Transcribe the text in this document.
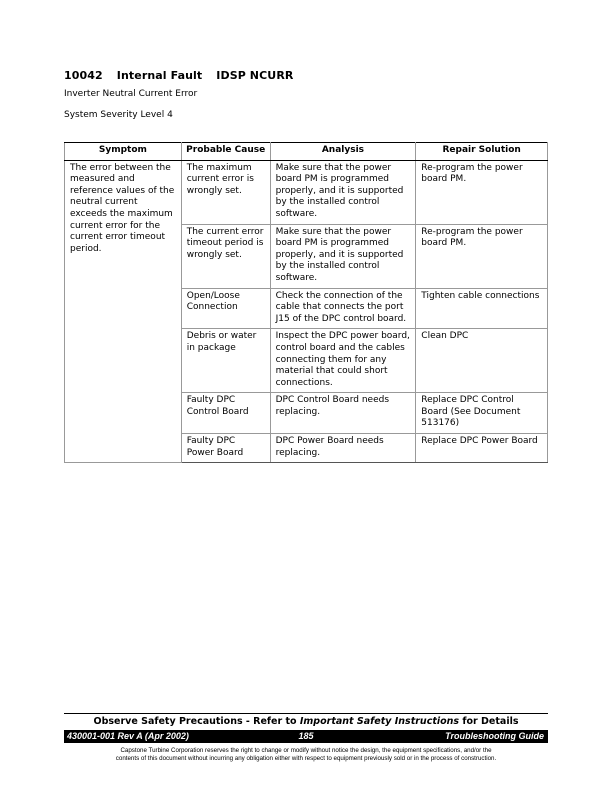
10042 Internal Fault IDSP NCURR
Inverter Neutral Current Error
System Severity Level 4
Symptom	Probable Cause	Analysis	Repair Solution
The error between the measured and reference values of the neutral current exceeds the maximum current error for the current error timeout period.	The maximum current error is wrongly set.	Make sure that the power board PM is programmed properly, and it is supported by the installed control software.	Re-program the power board PM.
	The current error timeout period is wrongly set.	Make sure that the power board PM is programmed properly, and it is supported by the installed control software.	Re-program the power board PM.
	Open/Loose Connection	Check the connection of the cable that connects the port J15 of the DPC control board.	Tighten cable connections
	Debris or water in package	Inspect the DPC power board, control board and the cables connecting them for any material that could short connections.	Clean DPC
	Faulty DPC Control Board	DPC Control Board needs replacing.	Replace DPC Control Board (See Document 513176)
	Faulty DPC Power Board	DPC Power Board needs replacing.	Replace DPC Power Board
Observe Safety Precautions - Refer to Important Safety Instructions for Details
185
430001-001 Rev A (Apr 2002)	Troubleshooting Guide
Capstone Turbine Corporation reserves the right to change or modify without notice the design, the equipment specifications, and/or the
contents of this document without incurring any obligation either with respect to equipment previously sold or in the process of construction.
